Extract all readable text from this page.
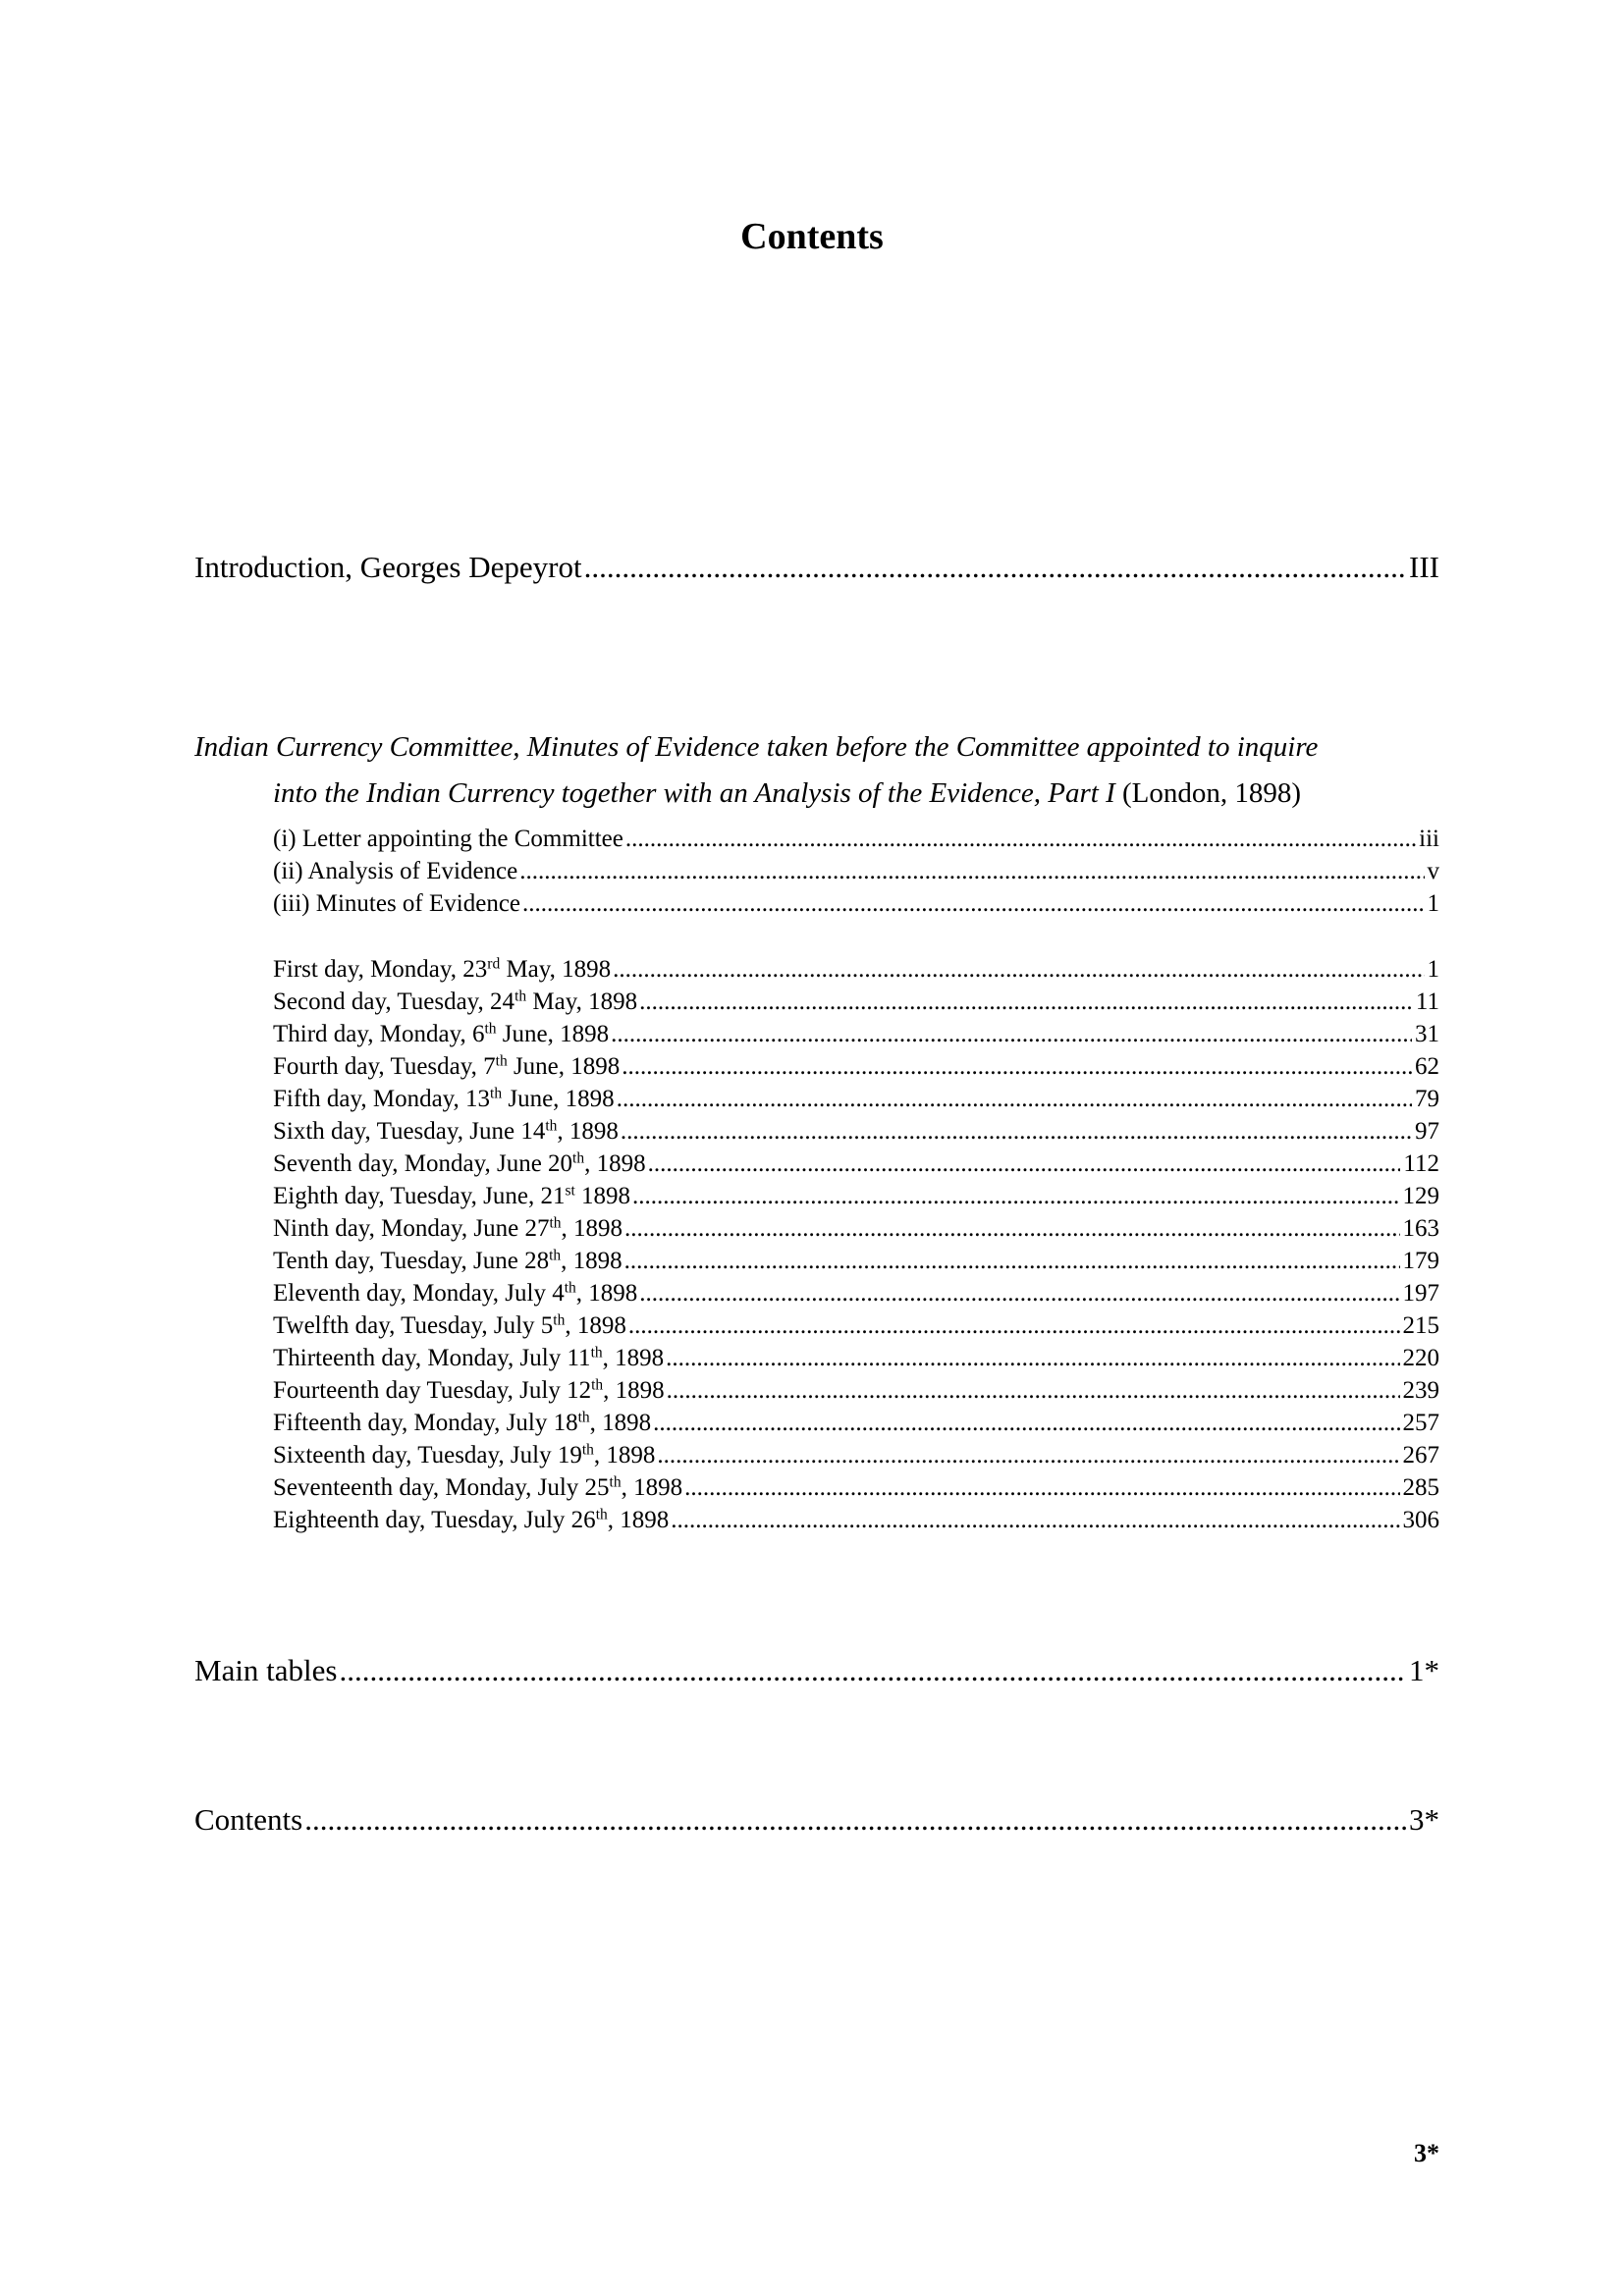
Contents
Introduction, Georges Depeyrot .....	III
Indian Currency Committee, Minutes of Evidence taken before the Committee appointed to inquire
into the Indian Currency together with an Analysis of the Evidence, Part I (London, 1898)
(i) Letter appointing the Committee .....	iii
(ii) Analysis of Evidence .....	v
(iii) Minutes of Evidence .....	1
First day, Monday, 23rd May, 1898 .....	1
Second day, Tuesday, 24th May, 1898 .....	11
Third day, Monday, 6th June, 1898 .....	31
Fourth day, Tuesday, 7th June, 1898 .....	62
Fifth day, Monday, 13th June, 1898 .....	79
Sixth day, Tuesday, June 14th, 1898 .....	97
Seventh day, Monday, June 20th, 1898 .....	112
Eighth day, Tuesday, June, 21st 1898 .....	129
Ninth day, Monday, June 27th, 1898 .....	163
Tenth day, Tuesday, June 28th, 1898 .....	179
Eleventh day, Monday, July 4th, 1898 .....	197
Twelfth day, Tuesday, July 5th, 1898 .....	215
Thirteenth day, Monday, July 11th, 1898 .....	220
Fourteenth day Tuesday, July 12th, 1898 .....	239
Fifteenth day, Monday, July 18th, 1898 .....	257
Sixteenth day, Tuesday, July 19th, 1898 .....	267
Seventeenth day, Monday, July 25th, 1898 .....	285
Eighteenth day, Tuesday, July 26th, 1898 .....	306
Main tables .....	1*
Contents .....	3*
3*
